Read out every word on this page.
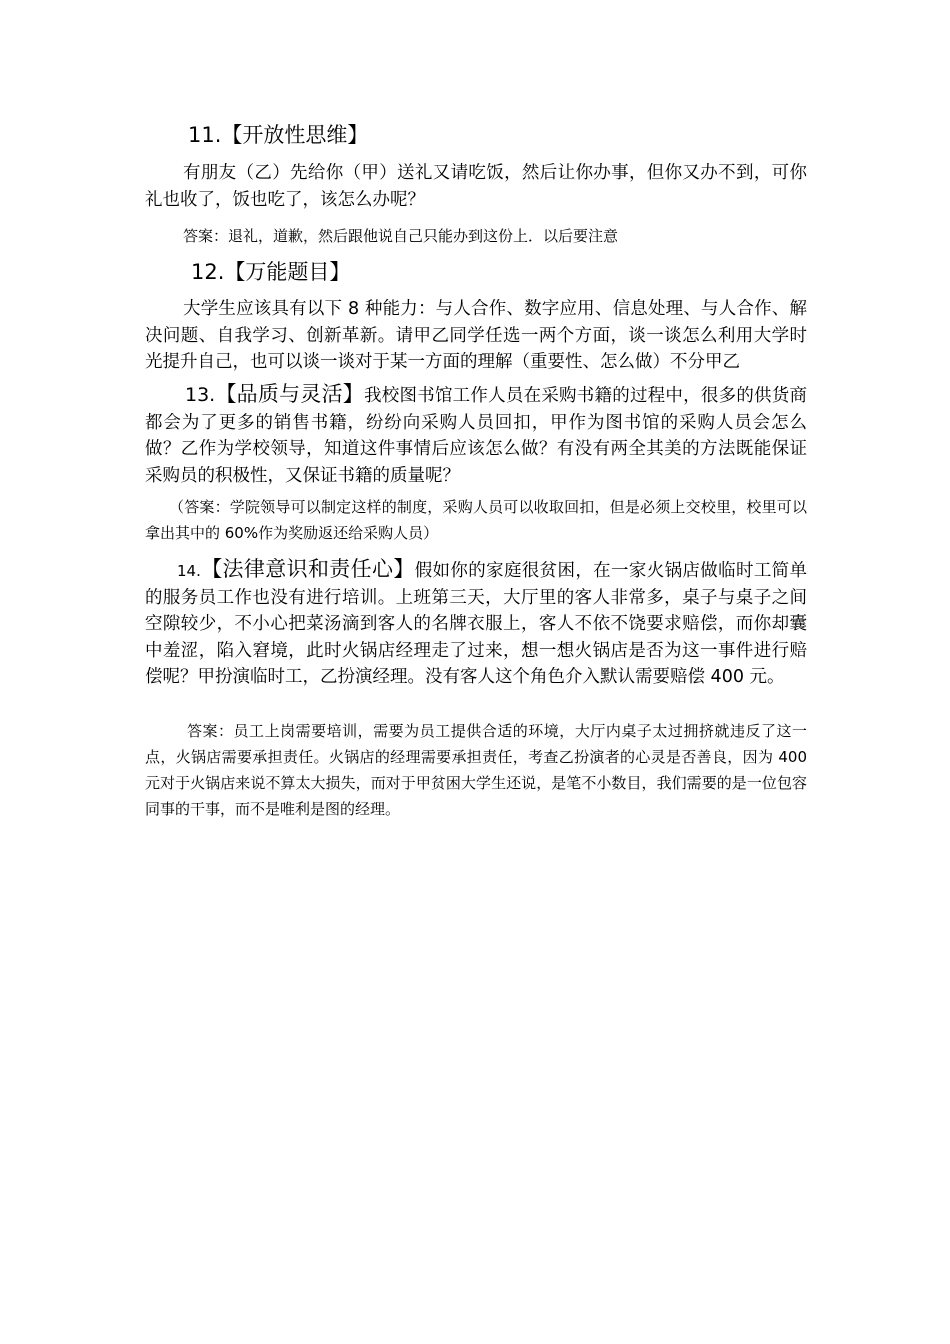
11.【开放性思维】
有朋友（乙）先给你（甲）送礼又请吃饭，然后让你办事，但你又办不到，可你礼也收了，饭也吃了，该怎么办呢？
答案：退礼，道歉，然后跟他说自己只能办到这份上．以后要注意
12.【万能题目】
大学生应该具有以下 8 种能力：与人合作、数字应用、信息处理、与人合作、解决问题、自我学习、创新革新。请甲乙同学任选一两个方面，谈一谈怎么利用大学时光提升自己，也可以谈一谈对于某一方面的理解（重要性、怎么做）不分甲乙
13.【品质与灵活】我校图书馆工作人员在采购书籍的过程中，很多的供货商都会为了更多的销售书籍，纷纷向采购人员回扣，甲作为图书馆的采购人员会怎么做？乙作为学校领导，知道这件事情后应该怎么做？有没有两全其美的方法既能保证采购员的积极性，又保证书籍的质量呢？
（答案：学院领导可以制定这样的制度，采购人员可以收取回扣，但是必须上交校里，校里可以拿出其中的 60%作为奖励返还给采购人员）
14.【法律意识和责任心】假如你的家庭很贫困，在一家火锅店做临时工简单的服务员工作也没有进行培训。上班第三天，大厅里的客人非常多，桌子与桌子之间空隙较少，不小心把菜汤滴到客人的名牌衣服上，客人不依不饶要求赔偿，而你却囊中羞涩，陷入窘境，此时火锅店经理走了过来，想一想火锅店是否为这一事件进行赔偿呢？甲扮演临时工，乙扮演经理。没有客人这个角色介入默认需要赔偿 400 元。
答案：员工上岗需要培训，需要为员工提供合适的环境，大厅内桌子太过拥挤就违反了这一点，火锅店需要承担责任。火锅店的经理需要承担责任，考查乙扮演者的心灵是否善良，因为 400 元对于火锅店来说不算太大损失，而对于甲贫困大学生还说，是笔不小数目，我们需要的是一位包容同事的干事，而不是唯利是图的经理。
